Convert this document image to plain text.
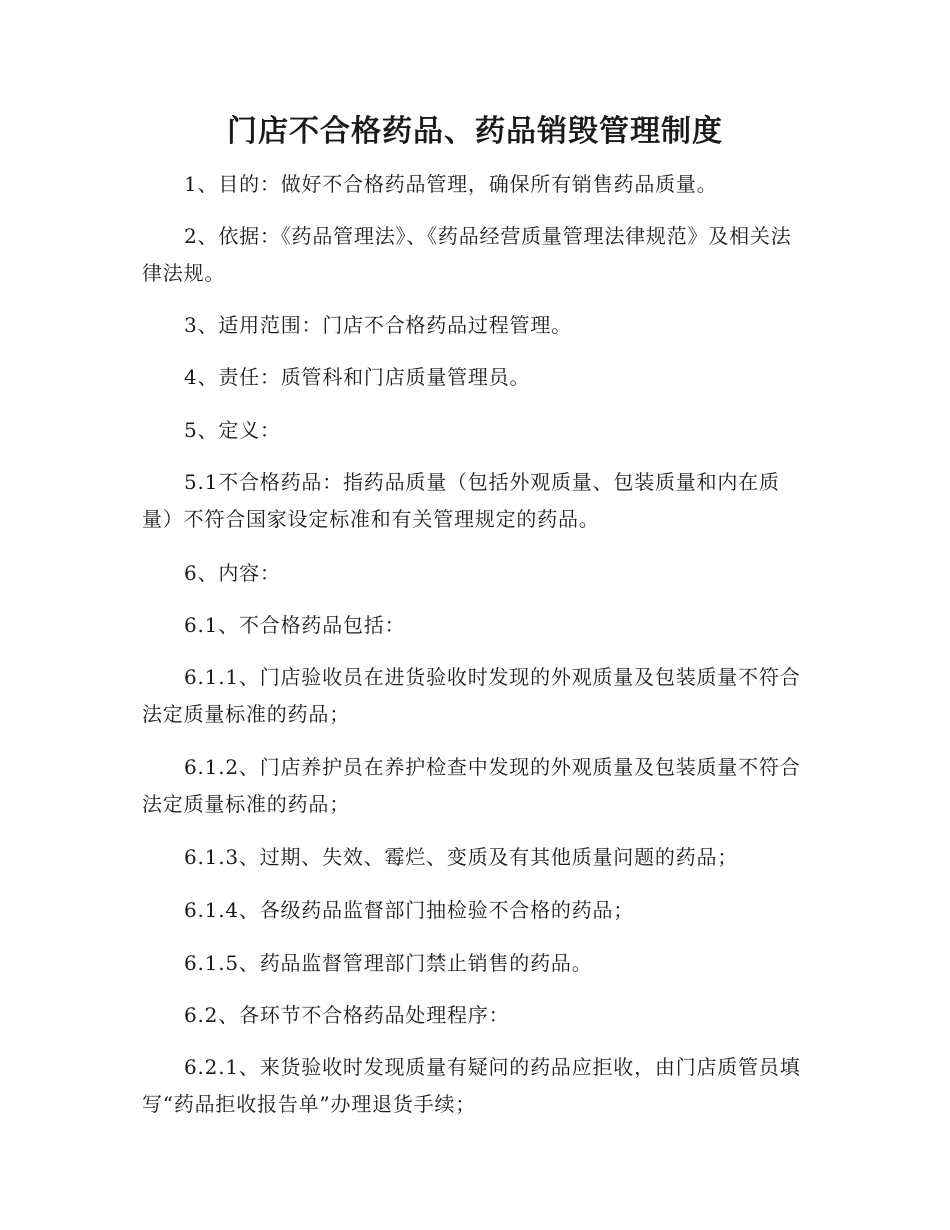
门店不合格药品、药品销毁管理制度

1、目的：做好不合格药品管理，确保所有销售药品质量。

2、依据：《药品管理法》、《药品经营质量管理法律规范》及相关法律法规。

3、适用范围：门店不合格药品过程管理。

4、责任：质管科和门店质量管理员。

5、定义：

5.1不合格药品：指药品质量（包括外观质量、包装质量和内在质量）不符合国家设定标准和有关管理规定的药品。

6、内容：

6.1、不合格药品包括：

6.1.1、门店验收员在进货验收时发现的外观质量及包装质量不符合法定质量标准的药品；

6.1.2、门店养护员在养护检查中发现的外观质量及包装质量不符合法定质量标准的药品；

6.1.3、过期、失效、霉烂、变质及有其他质量问题的药品；

6.1.4、各级药品监督部门抽检验不合格的药品；

6.1.5、药品监督管理部门禁止销售的药品。

6.2、各环节不合格药品处理程序：

6.2.1、来货验收时发现质量有疑问的药品应拒收，由门店质管员填写“药品拒收报告单”办理退货手续；
